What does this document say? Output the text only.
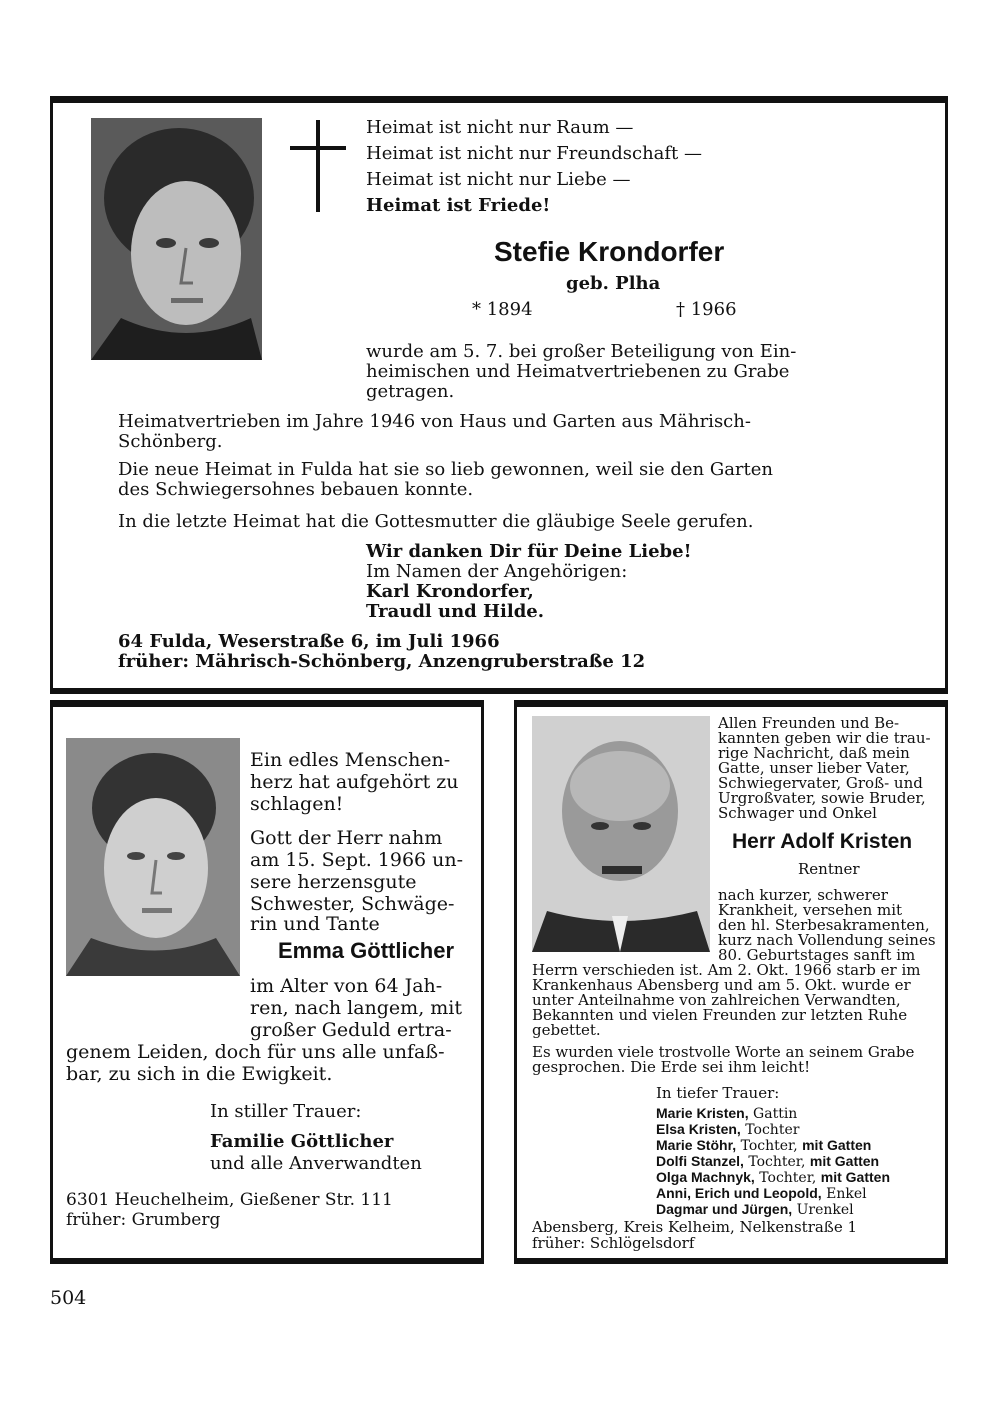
Heimat ist nicht nur Raum —
Heimat ist nicht nur Freundschaft —
Heimat ist nicht nur Liebe —
Heimat ist Friede!
Stefie Krondorfer
geb. Plha
* 1894	† 1966
wurde am 5. 7. bei großer Beteiligung von Ein-
heimischen und Heimatvertriebenen zu Grabe
getragen.
Heimatvertrieben im Jahre 1946 von Haus und Garten aus Mährisch-
Schönberg.
Die neue Heimat in Fulda hat sie so lieb gewonnen, weil sie den Garten
des Schwiegersohnes bebauen konnte.
In die letzte Heimat hat die Gottesmutter die gläubige Seele gerufen.
Wir danken Dir für Deine Liebe!
Im Namen der Angehörigen:
Karl Krondorfer,
Traudl und Hilde.
64 Fulda, Weserstraße 6, im Juli 1966
früher: Mährisch-Schönberg, Anzengruberstraße 12
Ein edles Menschen-
herz hat aufgehört zu
schlagen!
Gott der Herr nahm
am 15. Sept. 1966 un-
sere herzensgute
Schwester, Schwäge-
rin und Tante
Emma Göttlicher
im Alter von 64 Jah-
ren, nach langem, mit
großer Geduld ertra-
genem Leiden, doch für uns alle unfaß-
bar, zu sich in die Ewigkeit.
In stiller Trauer:
Familie Göttlicher
und alle Anverwandten
6301 Heuchelheim, Gießener Str. 111
früher: Grumberg
Allen Freunden und Be-
kannten geben wir die trau-
rige Nachricht, daß mein
Gatte, unser lieber Vater,
Schwiegervater, Groß- und
Urgroßvater, sowie Bruder,
Schwager und Onkel
Herr Adolf Kristen
Rentner
nach kurzer, schwerer
Krankheit, versehen mit
den hl. Sterbesakramenten,
kurz nach Vollendung seines
80. Geburtstages sanft im
Herrn verschieden ist. Am 2. Okt. 1966 starb er im
Krankenhaus Abensberg und am 5. Okt. wurde er
unter Anteilnahme von zahlreichen Verwandten,
Bekannten und vielen Freunden zur letzten Ruhe
gebettet.
Es wurden viele trostvolle Worte an seinem Grabe
gesprochen. Die Erde sei ihm leicht!
In tiefer Trauer:
Marie Kristen, Gattin
Elsa Kristen, Tochter
Marie Stöhr, Tochter, mit Gatten
Dolfi Stanzel, Tochter, mit Gatten
Olga Machnyk, Tochter, mit Gatten
Anni, Erich und Leopold, Enkel
Dagmar und Jürgen, Urenkel
Abensberg, Kreis Kelheim, Nelkenstraße 1
früher: Schlögelsdorf
504
